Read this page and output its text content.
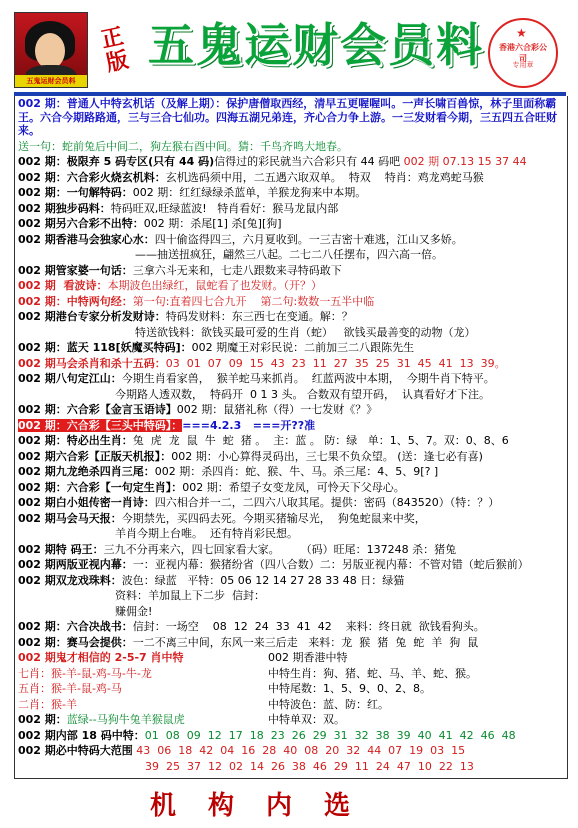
五鬼运财会员料
正版 五鬼运财会员料	★
香港六合彩公司
专用章
002 期：普通人中特玄机话（及解上期）：保护唐僧取西经，清早五更喔喔叫。一声长啸百兽惊，林子里面称霸王。六合今期路路通，三与三合七仙功。四海五湖兄弟连，齐心合力争上游。一三发财看今期，三五四五合旺财来。
送一句：蛇前兔后中间二，狗左猴右酉中间。猜：千鸟齐鸣大地春。
002 期：极限弃 5 码专区(只有 44 码)信得过的彩民就当六合彩只有 44 码吧 002 期 07.13 15 37 44
002 期：六合彩火烧玄机料：玄机选码须中用，二五遇六取双单。  特双    特肖：鸡龙鸡蛇马猴
002 期：一句解特码：002 期：红红绿绿杀蓝单，羊猴龙狗来中本期。
002 期独步码料：特码旺双,旺绿蓝波!   特肖看好：猴马龙鼠内部
002 期另六合彩不出特：002 期：杀尾[1] 杀[兔][狗]
002 期香港马会独家心水：四十偷盗得四三，六月夏收到。一三吉密十难逃，江山又多娇。
——抽送扭疯狂，翩然三八起。二七二八任摆布，四六高一倍。
002 期管家婆一句话：三拿六斗无来和，七走八跟数来寻特码敢下
002 期  看波诗：本期波色出绿红，鼠蛇看了也发财。（开？）
002 期：中特两句经：第一句:直着四七合九开    第二句:数数一五半中临
002 期港台专家分析发财诗：特码发财料：东三西七在变通。解：？
特送欲钱料：欲钱买最可爱的生肖（蛇）   欲钱买最善变的动物（龙）
002 期：蓝天 118[妖魔买特码]：002 期魔王对彩民说：二前加三二八跟陈先生
002 期马会杀肖和杀十五码：03  01  07  09  15  43  23  11  27  35  25  31  45  41  13  39。
002 期八句定江山：今期生肖看家兽，  猴羊蛇马来抓肖。  红蓝两波中本期，  今期牛肖下特平。
今期路人透双数，  特码开  0 1 3 头。 合数双有望开码，  认真看好才下注。
002 期：六合彩【金言玉语诗】002 期：鼠猪礼称（得）一七发财《？》
002 期：六合彩【三头中特码】：===4.2.3   ===开??准
002 期：特必出生肖：兔  虎  龙  鼠  牛  蛇  猪 。  主：蓝 。 防：绿   单：1、5、7。双：0、8、6
002 期六合彩【正版天机报】：002 期：小心算得灵码出，三七果不负众望。 (送：逢七必有喜)
002 期九龙绝杀四肖三尾：002 期：杀四肖：蛇、猴、牛、马。杀三尾：4、5、9[? ]
002 期：六合彩【一句定生肖】：002 期：希望子女变龙凤，可怜天下父母心。
002 期白小姐传密一肖诗：四六相合并一二，二四六八取其尾。提供：密码（843520）（特：？）
002 期马会马天报：今期禁先，买四码去死。今期买猪输尽光，  狗兔蛇鼠来中奖，
羊肖今期上台唯。  还有特肖彩民想。
002 期特 码王：三九不分再来六，四七回家看大家。      （码）旺尾：137248 杀：猪兔
002 期两版亚视内幕：一：亚视内幕：猴猪纷省（四八合数）二：另版亚视内幕：不管对错（蛇后猴前）
002 期双龙戏珠料：波色：绿蓝   平特：05 06 12 14 27 28 33 48 日：绿猫
资料：羊加鼠上下二步  信封：
赚佣金!
002 期：六合决战书：信封：一场空    08  12  24  33  41  42    来料：终日就  欲钱看狗头。
002 期：赛马会提供：一二不离三中间，东风一来三后走   来料：龙  猴  猪  兔  蛇  羊  狗  鼠
002 期鬼才相信的 2-5-7 肖中特	002 期香港中特
七肖：猴-羊-鼠-鸡-马-牛-龙	中特生肖：狗、猪、蛇、马、羊、蛇、猴。
五肖：猴-羊-鼠-鸡-马	中特尾数：1、5、9、0、2、8。
二肖：猴-羊	中特波色：蓝、防：红。
002 期：蓝绿--马狗牛兔羊猴鼠虎	中特单双：双。
002 期内部 18 码中特：01  08  09  12  17  18  23  26  29  31  32  38  39  40  41  42  46  48
002 期必中特码大范围 43  06  18  42  04  16  28  40  08  20  32  44  07  19  03  15
39  25  37  12  02  14  26  38  46  29  11  24  47  10  22  13
机构内选
